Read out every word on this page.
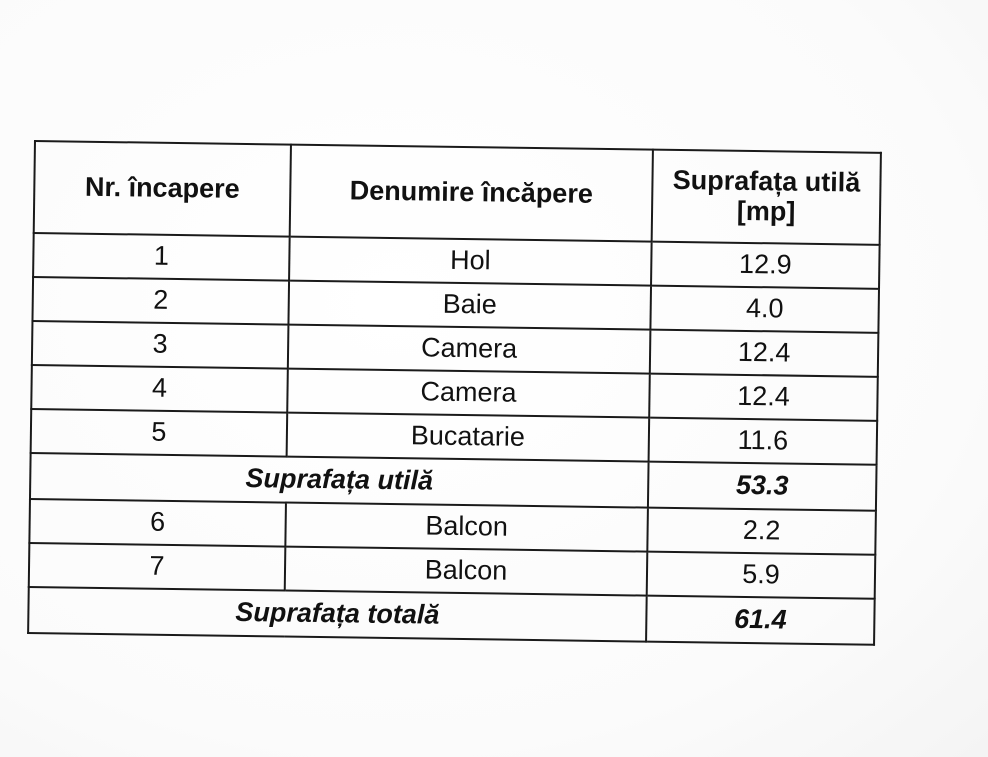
Nr. încapere	Denumire încăpere	Suprafața utilă
[mp]
1	Hol	12.9
2	Baie	4.0
3	Camera	12.4
4	Camera	12.4
5	Bucatarie	11.6
Suprafața utilă		53.3
6	Balcon	2.2
7	Balcon	5.9
Suprafața totală		61.4
